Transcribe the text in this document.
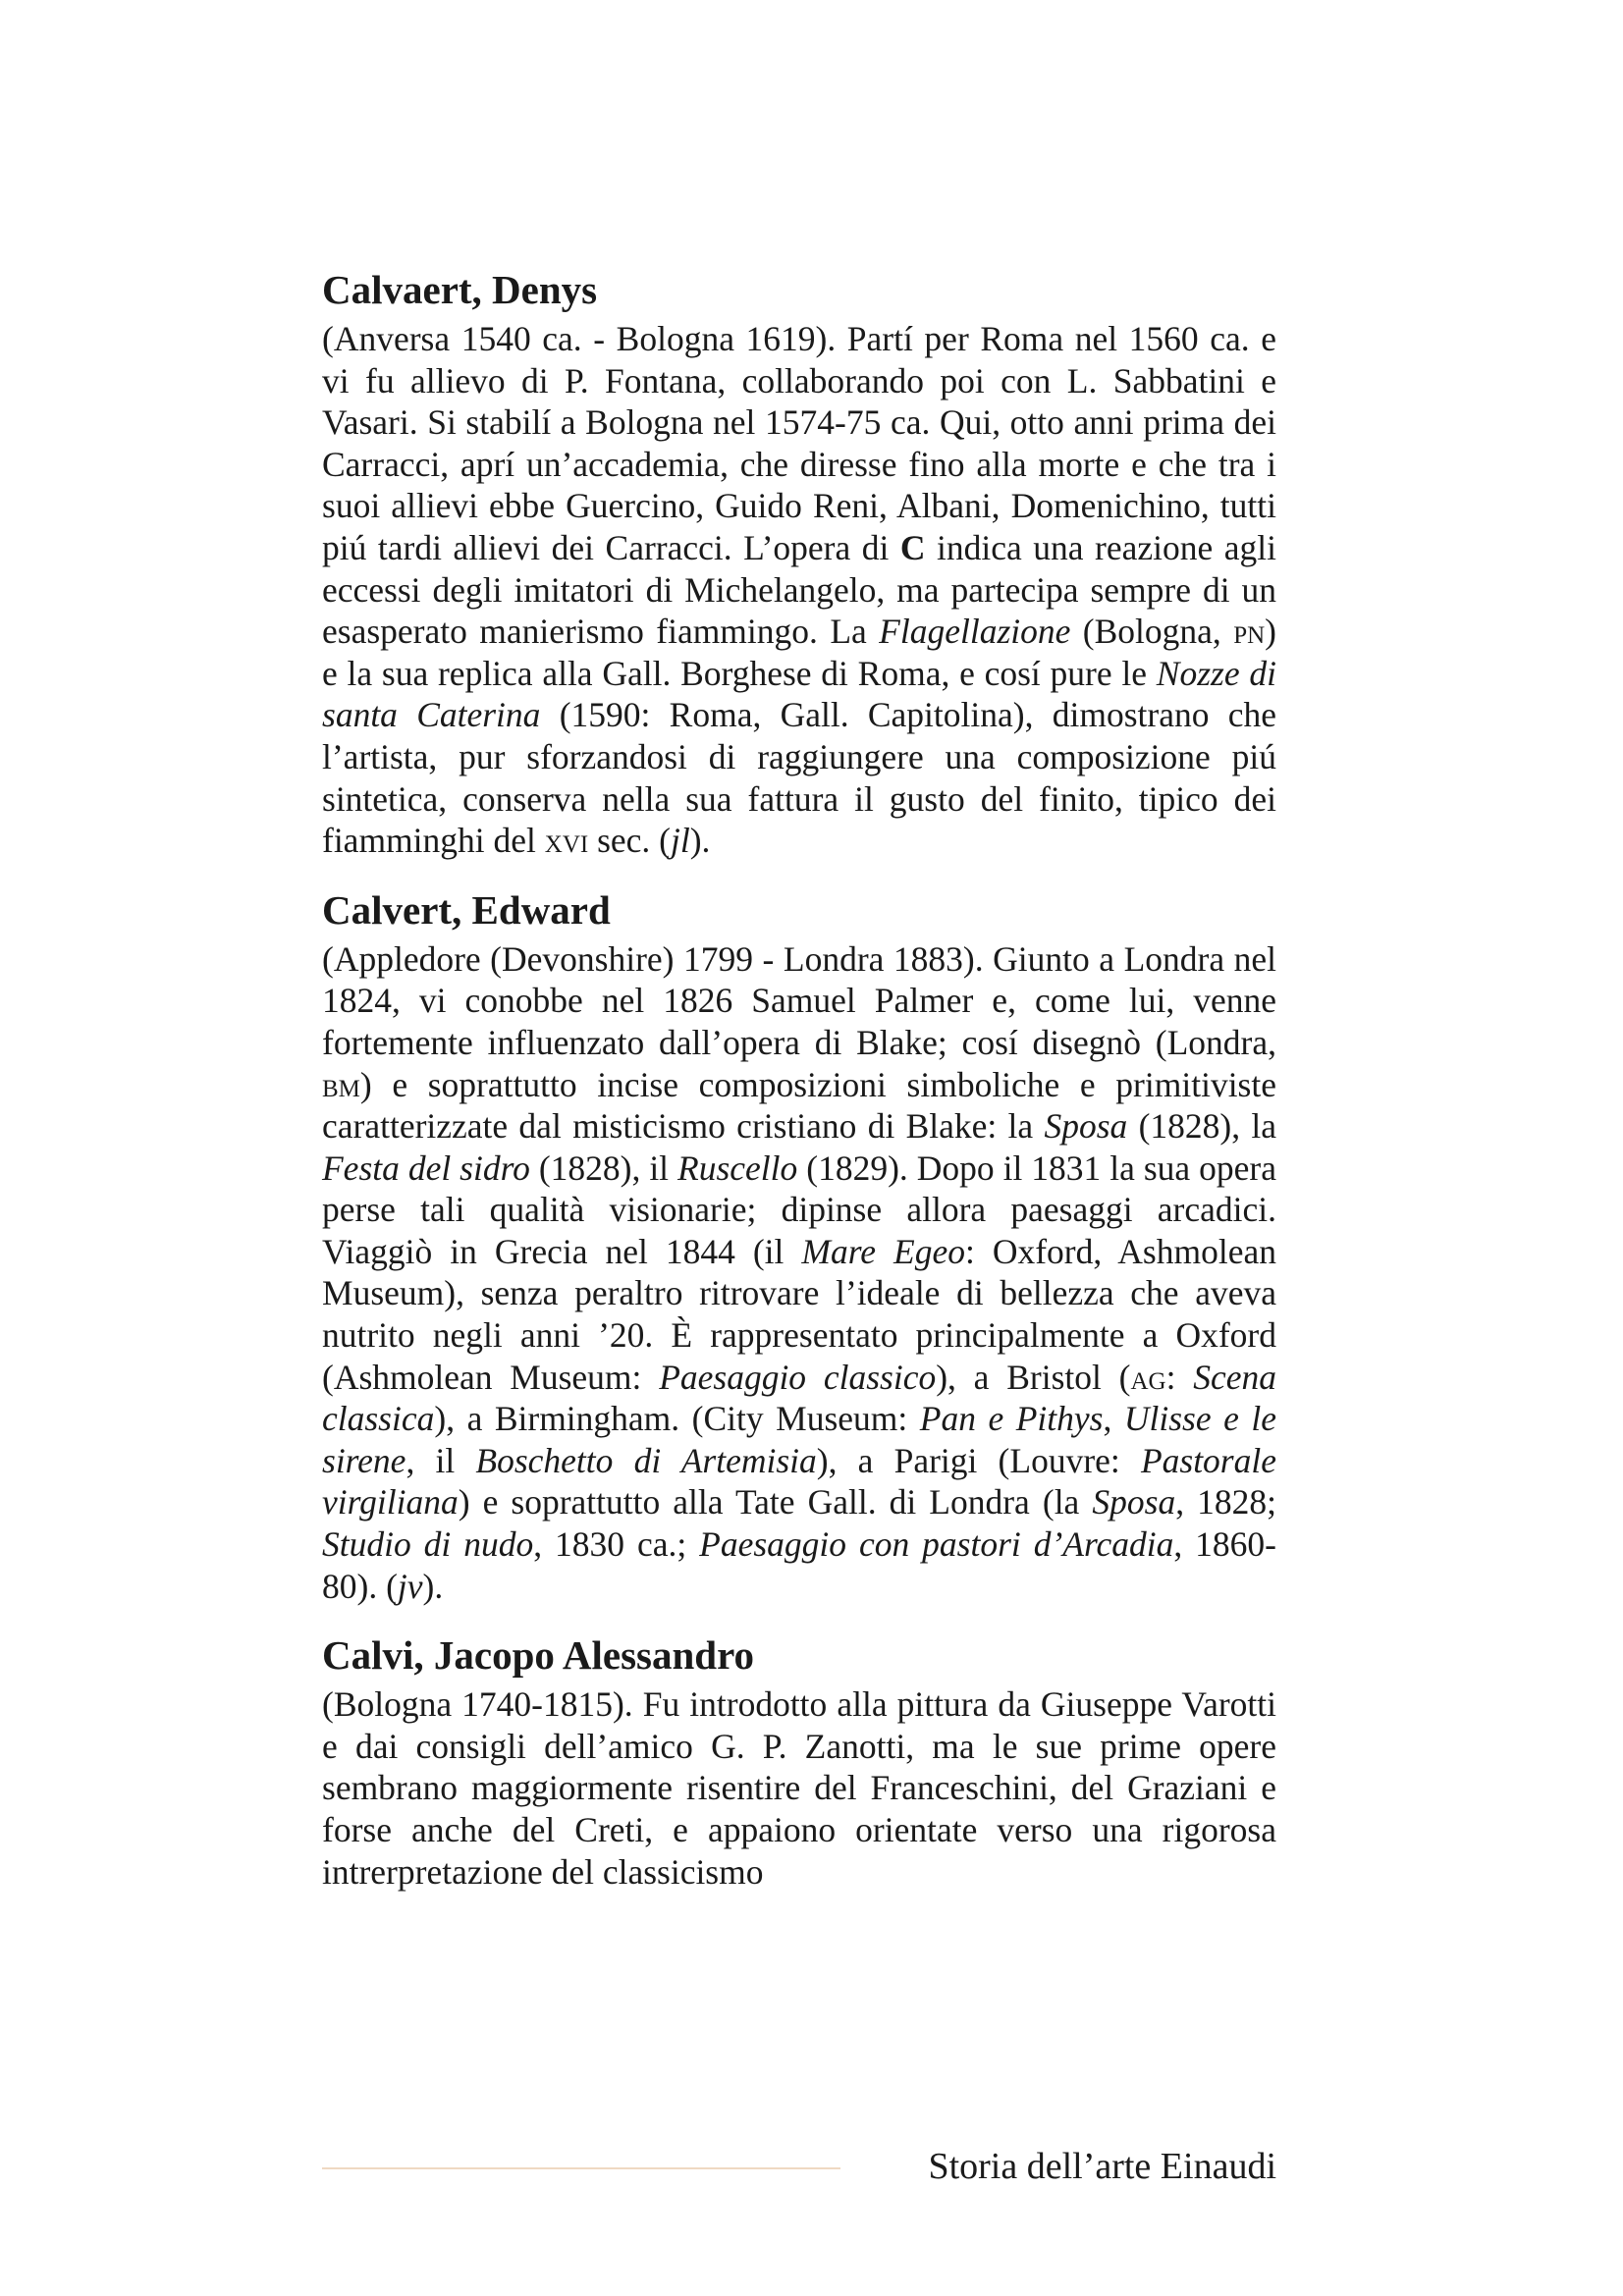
Calvaert, Denys
(Anversa 1540 ca. - Bologna 1619). Partí per Roma nel 1560 ca. e vi fu allievo di P. Fontana, collaborando poi con L. Sabbatini e Vasari. Si stabilí a Bologna nel 1574-75 ca. Qui, otto anni prima dei Carracci, aprí un’accademia, che diresse fino alla morte e che tra i suoi allievi ebbe Guercino, Guido Reni, Albani, Domenichino, tutti piú tardi allievi dei Carracci. L’opera di C indica una reazione agli eccessi degli imitatori di Michelangelo, ma partecipa sempre di un esasperato manierismo fiammingo. La Flagellazione (Bologna, pn) e la sua replica alla Gall. Borghese di Roma, e cosí pure le Nozze di santa Caterina (1590: Roma, Gall. Capitolina), dimostrano che l’artista, pur sforzandosi di raggiungere una composizione piú sintetica, conserva nella sua fattura il gusto del finito, tipico dei fiamminghi del xvi sec. (jl).
Calvert, Edward
(Appledore (Devonshire) 1799 - Londra 1883). Giunto a Londra nel 1824, vi conobbe nel 1826 Samuel Palmer e, come lui, venne fortemente influenzato dall’opera di Blake; cosí disegnò (Londra, bm) e soprattutto incise composizioni simboliche e primitiviste caratterizzate dal misticismo cristiano di Blake: la Sposa (1828), la Festa del sidro (1828), il Ruscello (1829). Dopo il 1831 la sua opera perse tali qualità visionarie; dipinse allora paesaggi arcadici. Viaggiò in Grecia nel 1844 (il Mare Egeo: Oxford, Ashmolean Museum), senza peraltro ritrovare l’ideale di bellezza che aveva nutrito negli anni ’20. È rappresentato principalmente a Oxford (Ashmolean Museum: Paesaggio classico), a Bristol (ag: Scena classica), a Birmingham. (City Museum: Pan e Pithys, Ulisse e le sirene, il Boschetto di Artemisia), a Parigi (Louvre: Pastorale virgiliana) e soprattutto alla Tate Gall. di Londra (la Sposa, 1828; Studio di nudo, 1830 ca.; Paesaggio con pastori d’Arcadia, 1860-80). (jv).
Calvi, Jacopo Alessandro
(Bologna 1740-1815). Fu introdotto alla pittura da Giuseppe Varotti e dai consigli dell’amico G. P. Zanotti, ma le sue prime opere sembrano maggiormente risentire del Franceschini, del Graziani e forse anche del Creti, e appaiono orientate verso una rigorosa intrerpretazione del classicismo
Storia dell’arte Einaudi
